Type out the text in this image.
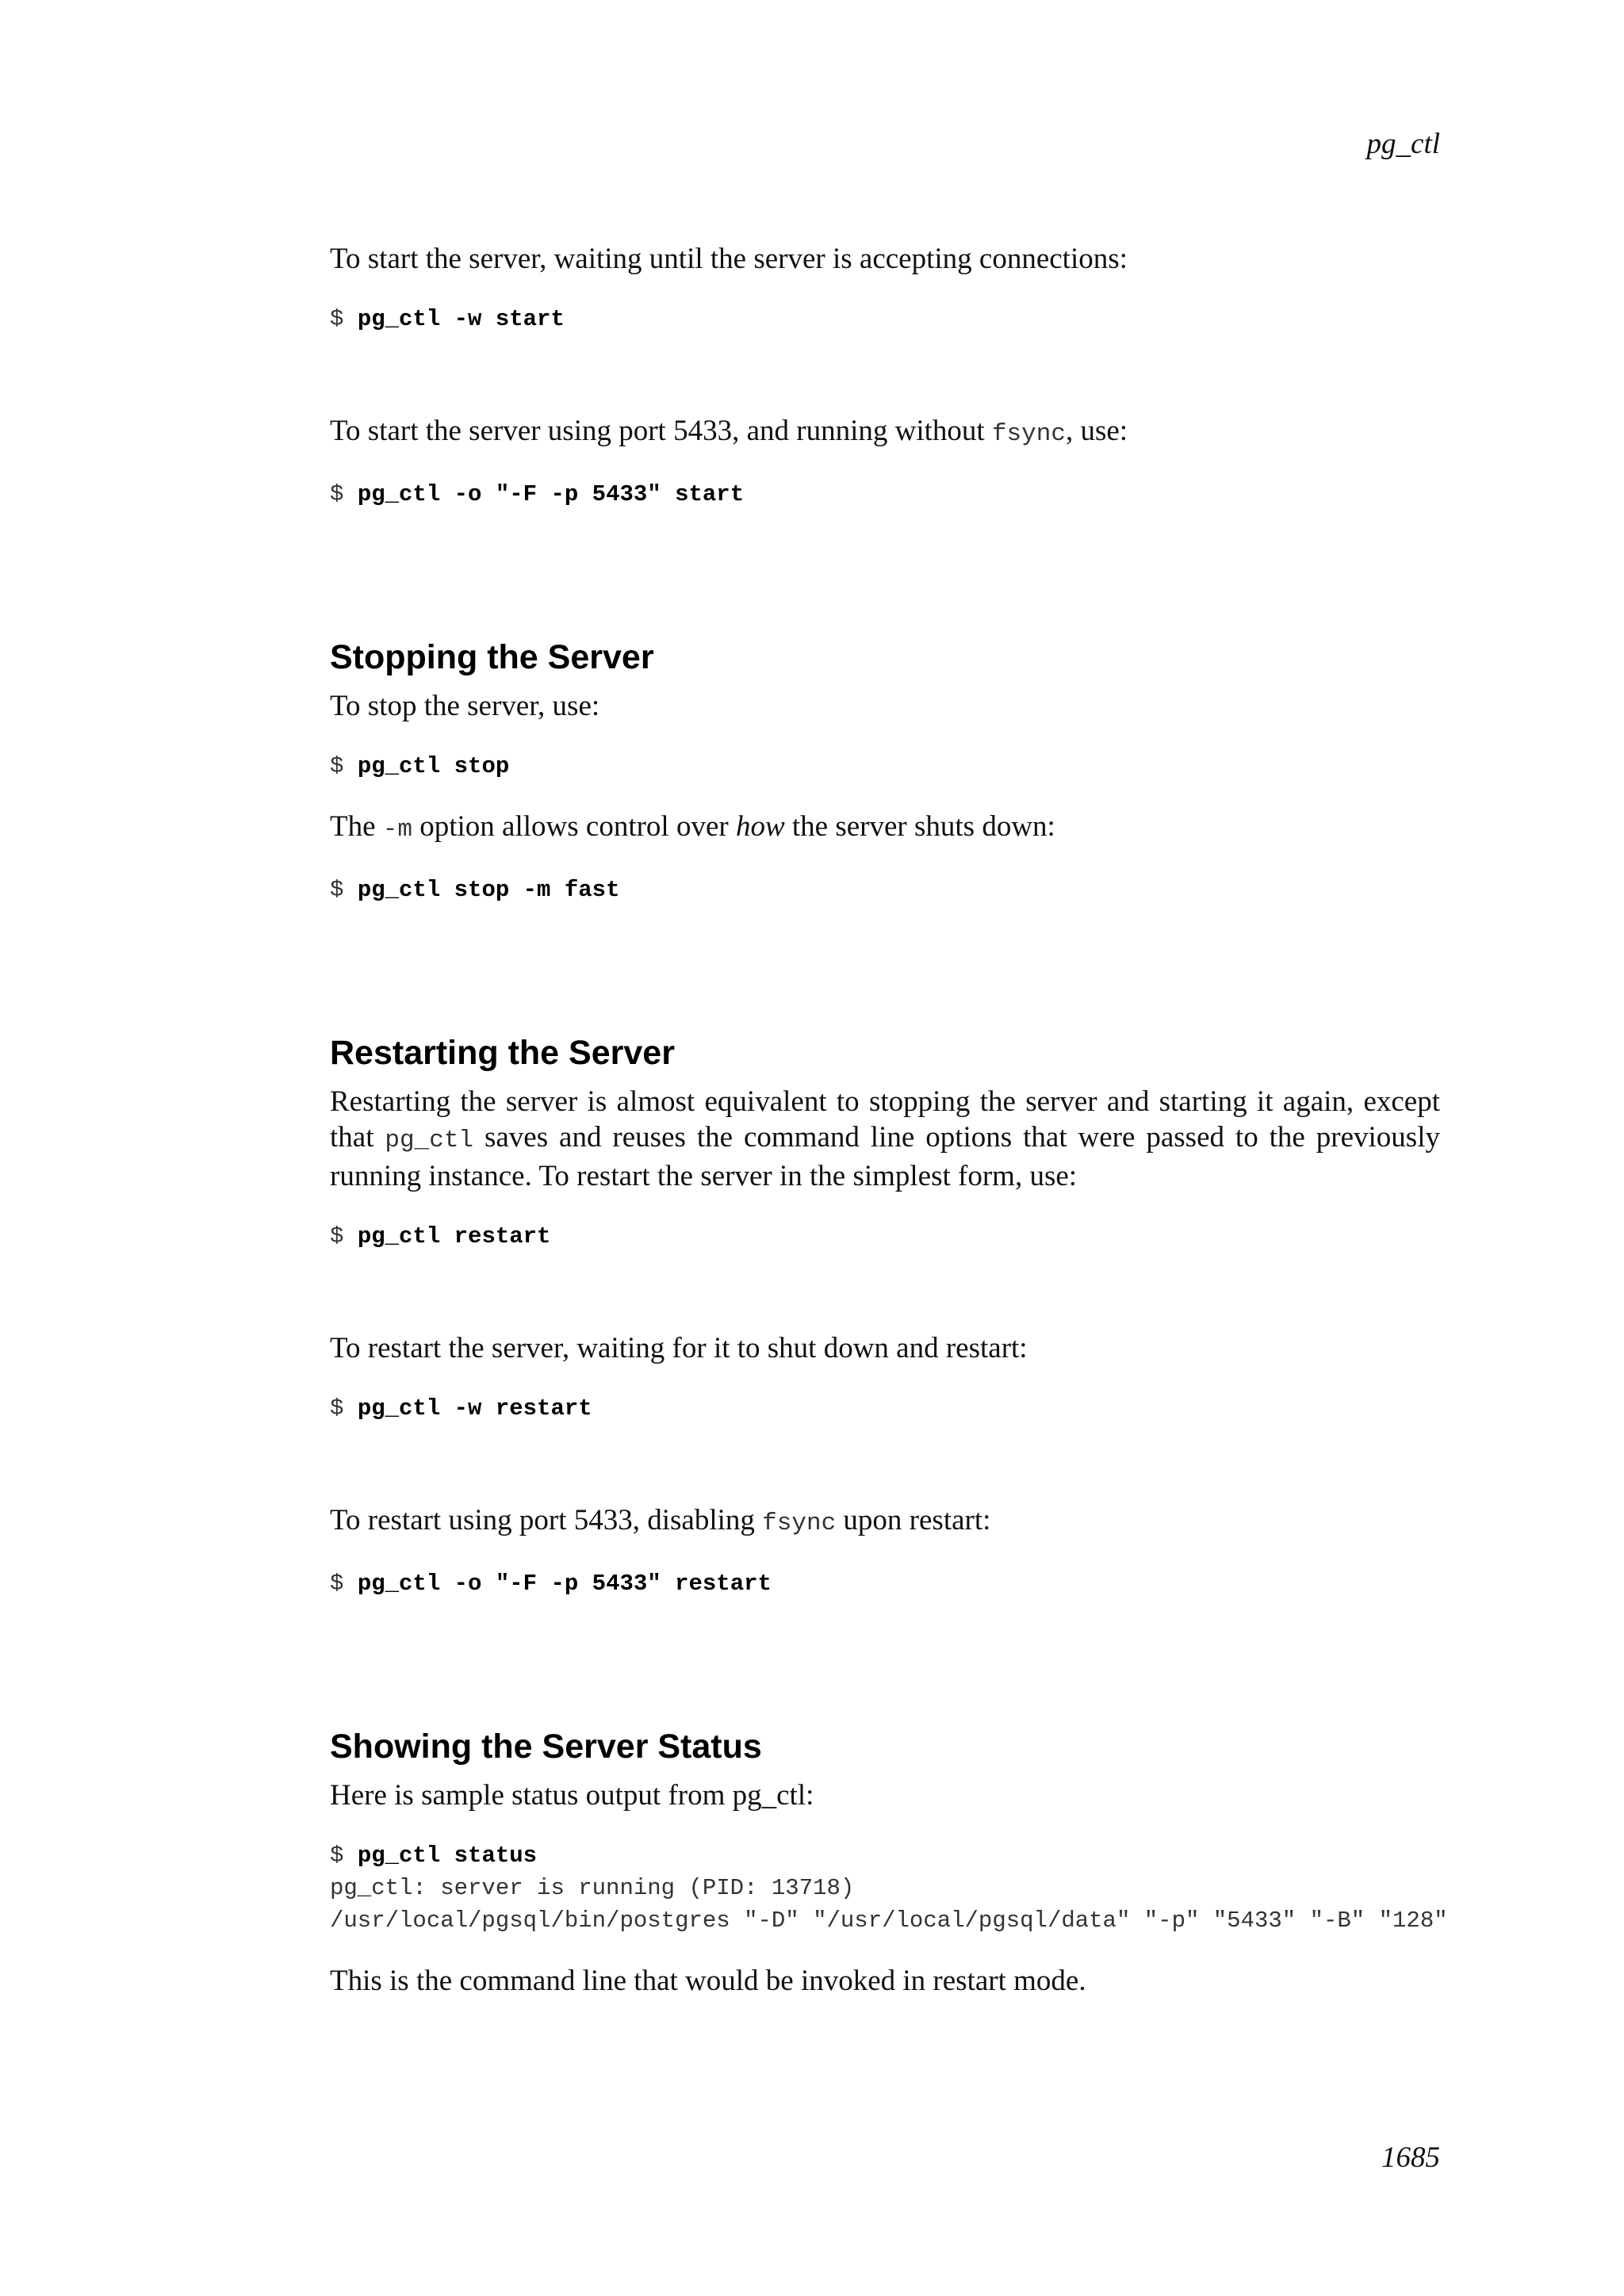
pg_ctl

To start the server, waiting until the server is accepting connections:

$ pg_ctl -w start

To start the server using port 5433, and running without fsync, use:

$ pg_ctl -o "-F -p 5433" start
Stopping the Server

To stop the server, use:

$ pg_ctl stop

The -m option allows control over how the server shuts down:

$ pg_ctl stop -m fast
Restarting the Server

Restarting the server is almost equivalent to stopping the server and starting it again, except that pg_ctl saves and reuses the command line options that were passed to the previously running instance. To restart the server in the simplest form, use:

$ pg_ctl restart

To restart the server, waiting for it to shut down and restart:

$ pg_ctl -w restart

To restart using port 5433, disabling fsync upon restart:

$ pg_ctl -o "-F -p 5433" restart
Showing the Server Status

Here is sample status output from pg_ctl:

$ pg_ctl status
pg_ctl: server is running (PID: 13718)
/usr/local/pgsql/bin/postgres "-D" "/usr/local/pgsql/data" "-p" "5433" "-B" "128"

This is the command line that would be invoked in restart mode.

1685
